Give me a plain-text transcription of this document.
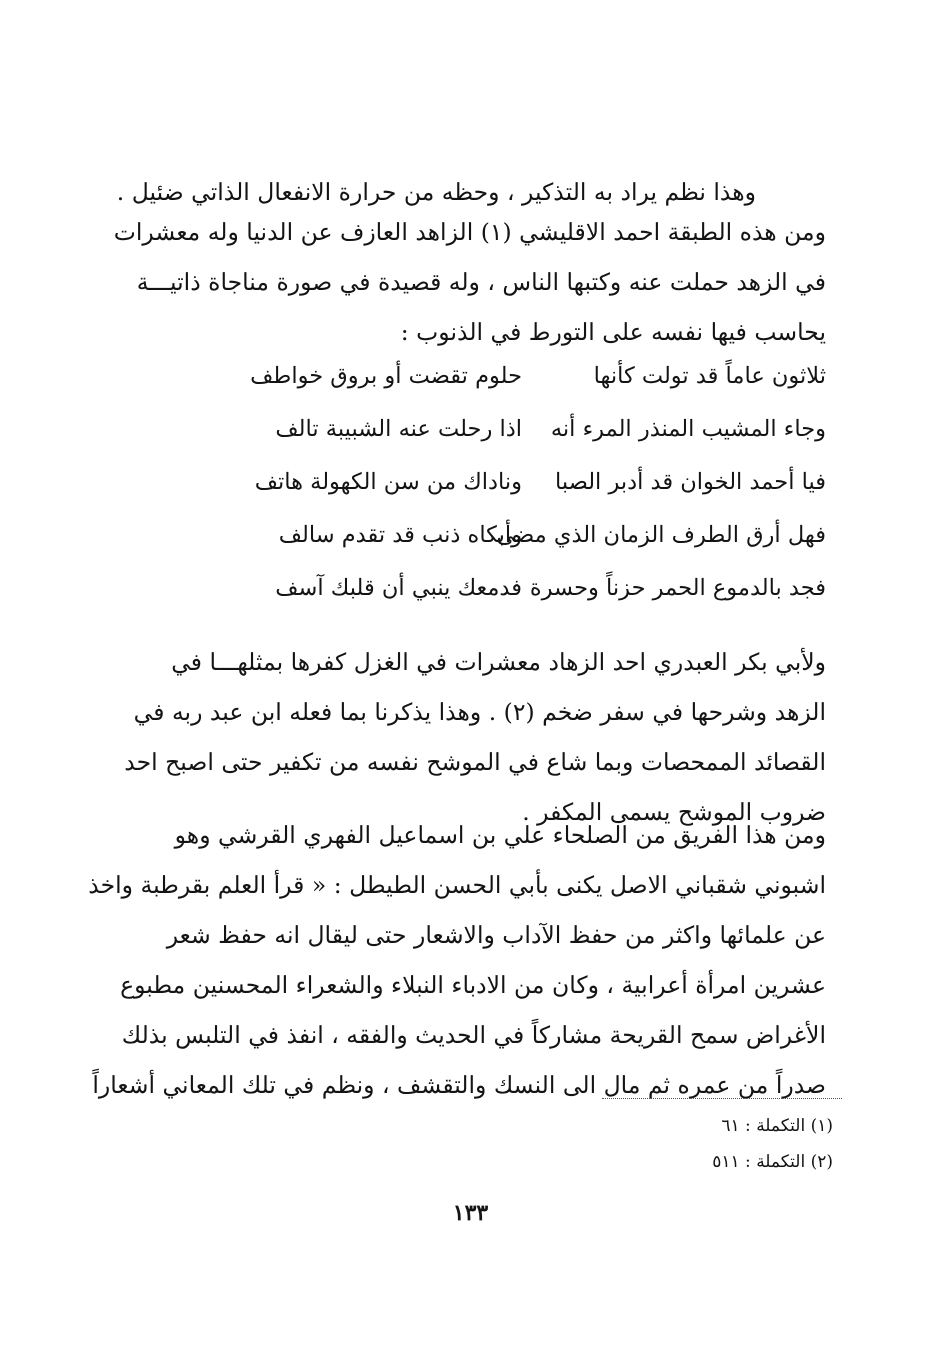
وهذا نظم يراد به التذكير ، وحظه من حرارة الانفعال الذاتي ضئيل .
ومن هذه الطبقة احمد الاقليشي (١) الزاهد العازف عن الدنيا وله معشرات
في الزهد حملت عنه وكتبها الناس ، وله قصيدة في صورة مناجاة ذاتيـــة
يحاسب فيها نفسه على التورط في الذنوب :
ثلاثون عاماً قد تولت كأنها
حلوم تقضت أو بروق خواطف
وجاء المشيب المنذر المرء أنه
اذا رحلت عنه الشبيبة تالف
فيا أحمد الخوان قد أدبر الصبا
وناداك من سن الكهولة هاتف
فهل أرق الطرف الزمان الذي مضى
وأبكاه ذنب قد تقدم سالف
فجد بالدموع الحمر حزناً وحسرة
فدمعك ينبي أن قلبك آسف
ولأبي بكر العبدري احد الزهاد معشرات في الغزل كفرها بمثلهـــا في
الزهد وشرحها في سفر ضخم (٢) . وهذا يذكرنا بما فعله ابن عبد ربه في
القصائد الممحصات وبما شاع في الموشح نفسه من تكفير حتى اصبح احد
ضروب الموشح يسمى المكفر .
ومن هذا الفريق من الصلحاء علي بن اسماعيل الفهري القرشي وهو
اشبوني شقباني الاصل يكنى بأبي الحسن الطيطل : « قرأ العلم بقرطبة واخذ
عن علمائها واكثر من حفظ الآداب والاشعار حتى ليقال انه حفظ شعر
عشرين امرأة أعرابية ، وكان من الادباء النبلاء والشعراء المحسنين مطبوع
الأغراض سمح القريحة مشاركاً في الحديث والفقه ، انفذ في التلبس بذلك
صدراً من عمره ثم مال الى النسك والتقشف ، ونظم في تلك المعاني أشعاراً
(١) التكملة : ٦١
(٢) التكملة : ٥١١
١٣٣
